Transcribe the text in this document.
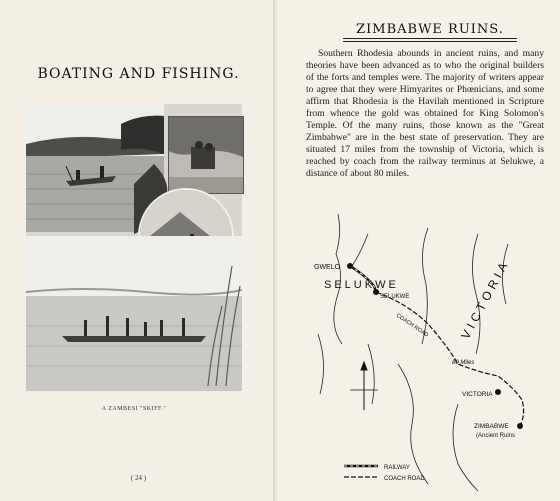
BOATING AND FISHING.
A ZAMBESI "SKIFF."
( 24 )
ZIMBABWE RUINS.

Southern Rhodesia abounds in ancient ruins, and many theories have been advanced as to who the original builders of the forts and temples were. The majority of writers appear to agree that they were Himyarites or Phœnicians, and some affirm that Rhodesia is the Havilah mentioned in Scripture from whence the gold was obtained for King Solomon's Temple. Of the many ruins, those known as the "Great Zimbabwe" are in the best state of preservation. They are situated 17 miles from the township of Victoria, which is reached by coach from the railway terminus at Selukwe, a distance of about 80 miles.

GWELO
SELUKWE
SELUKWE
COACH ROAD
80 Miles
VICTORIA
VICTORIA
ZIMBABWE
(Ancient Ruins
RAILWAY
COACH ROAD.
